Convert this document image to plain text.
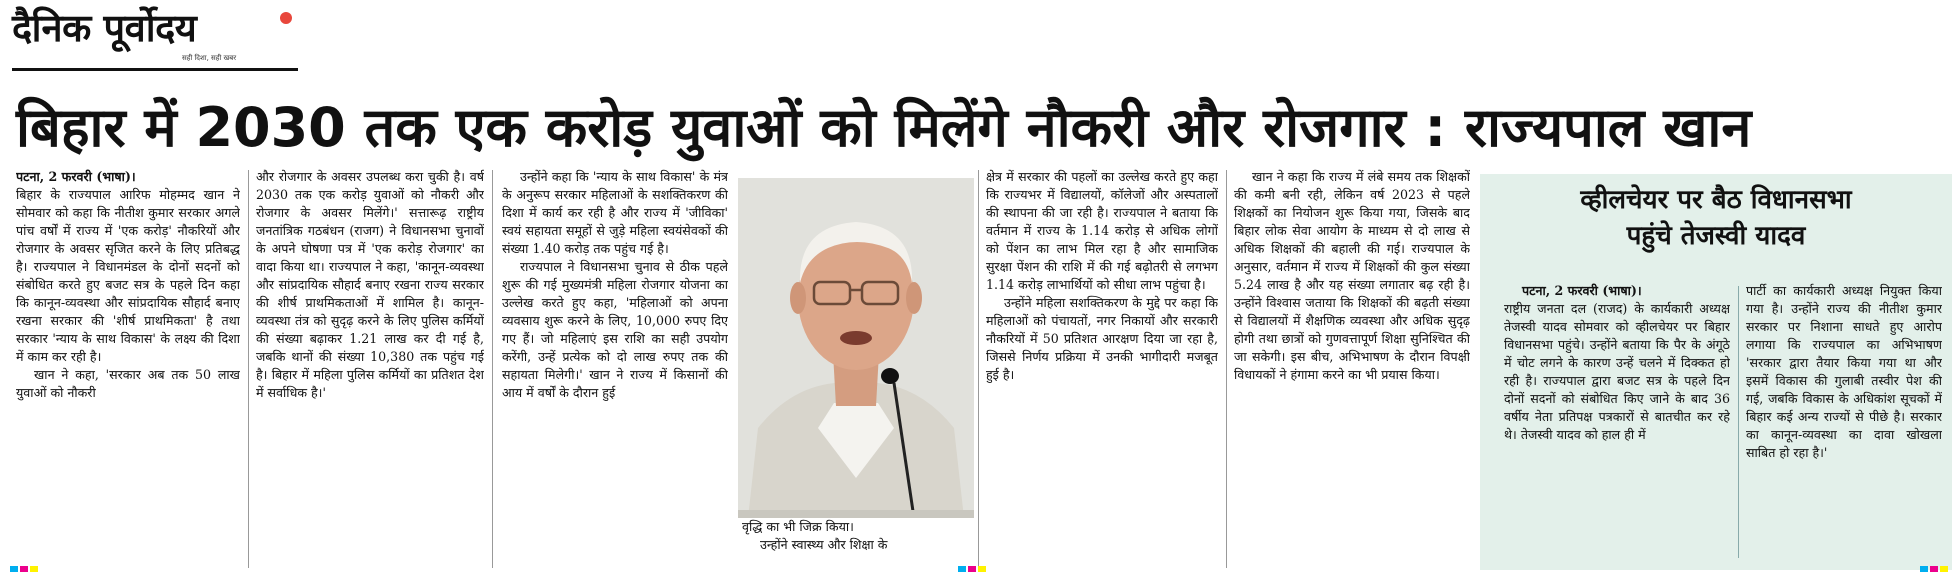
दैनिक पूर्वोदय
सही दिशा, सही खबर
बिहार में 2030 तक एक करोड़ युवाओं को मिलेंगे नौकरी और रोजगार : राज्यपाल खान

पटना, 2 फरवरी (भाषा)।

बिहार के राज्यपाल आरिफ मोहम्मद खान ने सोमवार को कहा कि नीतीश कुमार सरकार अगले पांच वर्षों में राज्य में 'एक करोड़' नौकरियों और रोजगार के अवसर सृजित करने के लिए प्रतिबद्ध है। राज्यपाल ने विधानमंडल के दोनों सदनों को संबोधित करते हुए बजट सत्र के पहले दिन कहा कि कानून-व्यवस्था और सांप्रदायिक सौहार्द बनाए रखना सरकार की 'शीर्ष प्राथमिकता' है तथा सरकार 'न्याय के साथ विकास' के लक्ष्य की दिशा में काम कर रही है।

खान ने कहा, 'सरकार अब तक 50 लाख युवाओं को नौकरी

और रोजगार के अवसर उपलब्ध करा चुकी है। वर्ष 2030 तक एक करोड़ युवाओं को नौकरी और रोजगार के अवसर मिलेंगे।' सत्तारूढ़ राष्ट्रीय जनतांत्रिक गठबंधन (राजग) ने विधानसभा चुनावों के अपने घोषणा पत्र में 'एक करोड़ रोजगार' का वादा किया था। राज्यपाल ने कहा, 'कानून-व्यवस्था और सांप्रदायिक सौहार्द बनाए रखना राज्य सरकार की शीर्ष प्राथमिकताओं में शामिल है। कानून-व्यवस्था तंत्र को सुदृढ़ करने के लिए पुलिस कर्मियों की संख्या बढ़ाकर 1.21 लाख कर दी गई है, जबकि थानों की संख्या 10,380 तक पहुंच गई है। बिहार में महिला पुलिस कर्मियों का प्रतिशत देश में सर्वाधिक है।'

उन्होंने कहा कि 'न्याय के साथ विकास' के मंत्र के अनुरूप सरकार महिलाओं के सशक्तिकरण की दिशा में कार्य कर रही है और राज्य में 'जीविका' स्वयं सहायता समूहों से जुड़े महिला स्वयंसेवकों की संख्या 1.40 करोड़ तक पहुंच गई है।

राज्यपाल ने विधानसभा चुनाव से ठीक पहले शुरू की गई मुख्यमंत्री महिला रोजगार योजना का उल्लेख करते हुए कहा, 'महिलाओं को अपना व्यवसाय शुरू करने के लिए, 10,000 रुपए दिए गए हैं। जो महिलाएं इस राशि का सही उपयोग करेंगी, उन्हें प्रत्येक को दो लाख रुपए तक की सहायता मिलेगी।' खान ने राज्य में किसानों की आय में वर्षों के दौरान हुई

वृद्धि का भी जिक्र किया।
उन्होंने स्वास्थ्य और शिक्षा के

क्षेत्र में सरकार की पहलों का उल्लेख करते हुए कहा कि राज्यभर में विद्यालयों, कॉलेजों और अस्पतालों की स्थापना की जा रही है। राज्यपाल ने बताया कि वर्तमान में राज्य के 1.14 करोड़ से अधिक लोगों को पेंशन का लाभ मिल रहा है और सामाजिक सुरक्षा पेंशन की राशि में की गई बढ़ोतरी से लगभग 1.14 करोड़ लाभार्थियों को सीधा लाभ पहुंचा है।

उन्होंने महिला सशक्तिकरण के मुद्दे पर कहा कि महिलाओं को पंचायतों, नगर निकायों और सरकारी नौकरियों में 50 प्रतिशत आरक्षण दिया जा रहा है, जिससे निर्णय प्रक्रिया में उनकी भागीदारी मजबूत हुई है।

खान ने कहा कि राज्य में लंबे समय तक शिक्षकों की कमी बनी रही, लेकिन वर्ष 2023 से पहले शिक्षकों का नियोजन शुरू किया गया, जिसके बाद बिहार लोक सेवा आयोग के माध्यम से दो लाख से अधिक शिक्षकों की बहाली की गई। राज्यपाल के अनुसार, वर्तमान में राज्य में शिक्षकों की कुल संख्या 5.24 लाख है और यह संख्या लगातार बढ़ रही है। उन्होंने विश्वास जताया कि शिक्षकों की बढ़ती संख्या से विद्यालयों में शैक्षणिक व्यवस्था और अधिक सुदृढ़ होगी तथा छात्रों को गुणवत्तापूर्ण शिक्षा सुनिश्चित की जा सकेगी। इस बीच, अभिभाषण के दौरान विपक्षी विधायकों ने हंगामा करने का भी प्रयास किया।

व्हीलचेयर पर बैठ विधानसभा
पहुंचे तेजस्वी यादव

पटना, 2 फरवरी (भाषा)।

राष्ट्रीय जनता दल (राजद) के कार्यकारी अध्यक्ष तेजस्वी यादव सोमवार को व्हीलचेयर पर बिहार विधानसभा पहुंचे। उन्होंने बताया कि पैर के अंगूठे में चोट लगने के कारण उन्हें चलने में दिक्कत हो रही है। राज्यपाल द्वारा बजट सत्र के पहले दिन दोनों सदनों को संबोधित किए जाने के बाद 36 वर्षीय नेता प्रतिपक्ष पत्रकारों से बातचीत कर रहे थे। तेजस्वी यादव को हाल ही में

पार्टी का कार्यकारी अध्यक्ष नियुक्त किया गया है। उन्होंने राज्य की नीतीश कुमार सरकार पर निशाना साधते हुए आरोप लगाया कि राज्यपाल का अभिभाषण 'सरकार द्वारा तैयार किया गया था और इसमें विकास की गुलाबी तस्वीर पेश की गई, जबकि विकास के अधिकांश सूचकों में बिहार कई अन्य राज्यों से पीछे है। सरकार का कानून-व्यवस्था का दावा खोखला साबित हो रहा है।'
